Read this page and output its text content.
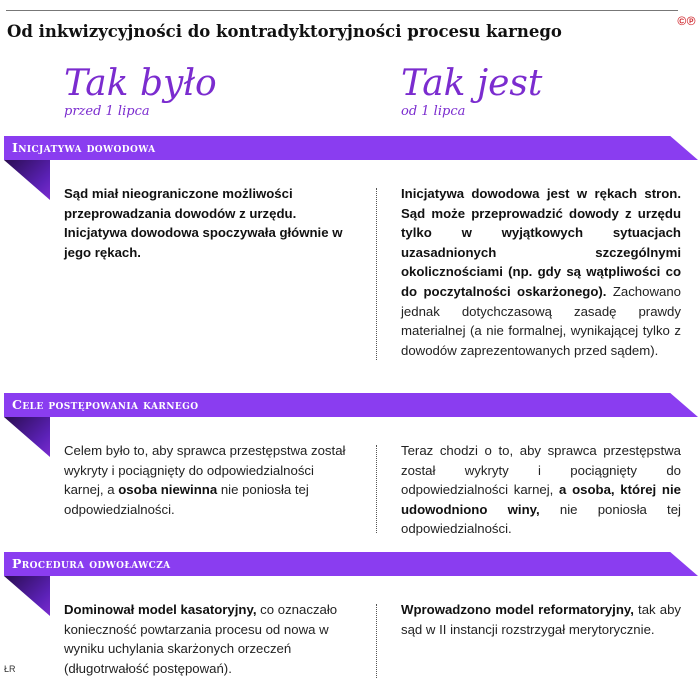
©℗
Od inkwizycyjności do kontradyktoryjności procesu karnego
Tak było
przed 1 lipca
Tak jest
od 1 lipca
Inicjatywa dowodowa
Sąd miał nieograniczone możliwości przeprowadzania dowodów z urzędu. Inicjatywa dowodowa spoczywała głównie w jego rękach.
Inicjatywa dowodowa jest w rękach stron. Sąd może przeprowadzić dowody z urzędu tylko w wyjątkowych sytuacjach uzasadnionych szczególnymi okolicznościami (np. gdy są wątpliwości co do poczytalności oskarżonego). Zachowano jednak dotychczasową zasadę prawdy materialnej (a nie formalnej, wynikającej tylko z dowodów zaprezentowanych przed sądem).
Cele postępowania karnego
Celem było to, aby sprawca przestępstwa został wykryty i pociągnięty do odpowiedzialności karnej, a osoba niewinna nie poniosła tej odpowiedzialności.
Teraz chodzi o to, aby sprawca przestępstwa został wykryty i pociągnięty do odpowiedzialności karnej, a osoba, której nie udowodniono winy, nie poniosła tej odpowiedzialności.
Procedura odwoławcza
Dominował model kasatoryjny, co oznaczało konieczność powtarzania procesu od nowa w wyniku uchylania skarżonych orzeczeń (długotrwałość postępowań).
Wprowadzono model reformatoryjny, tak aby sąd w II instancji rozstrzygał merytorycznie.
ŁR
